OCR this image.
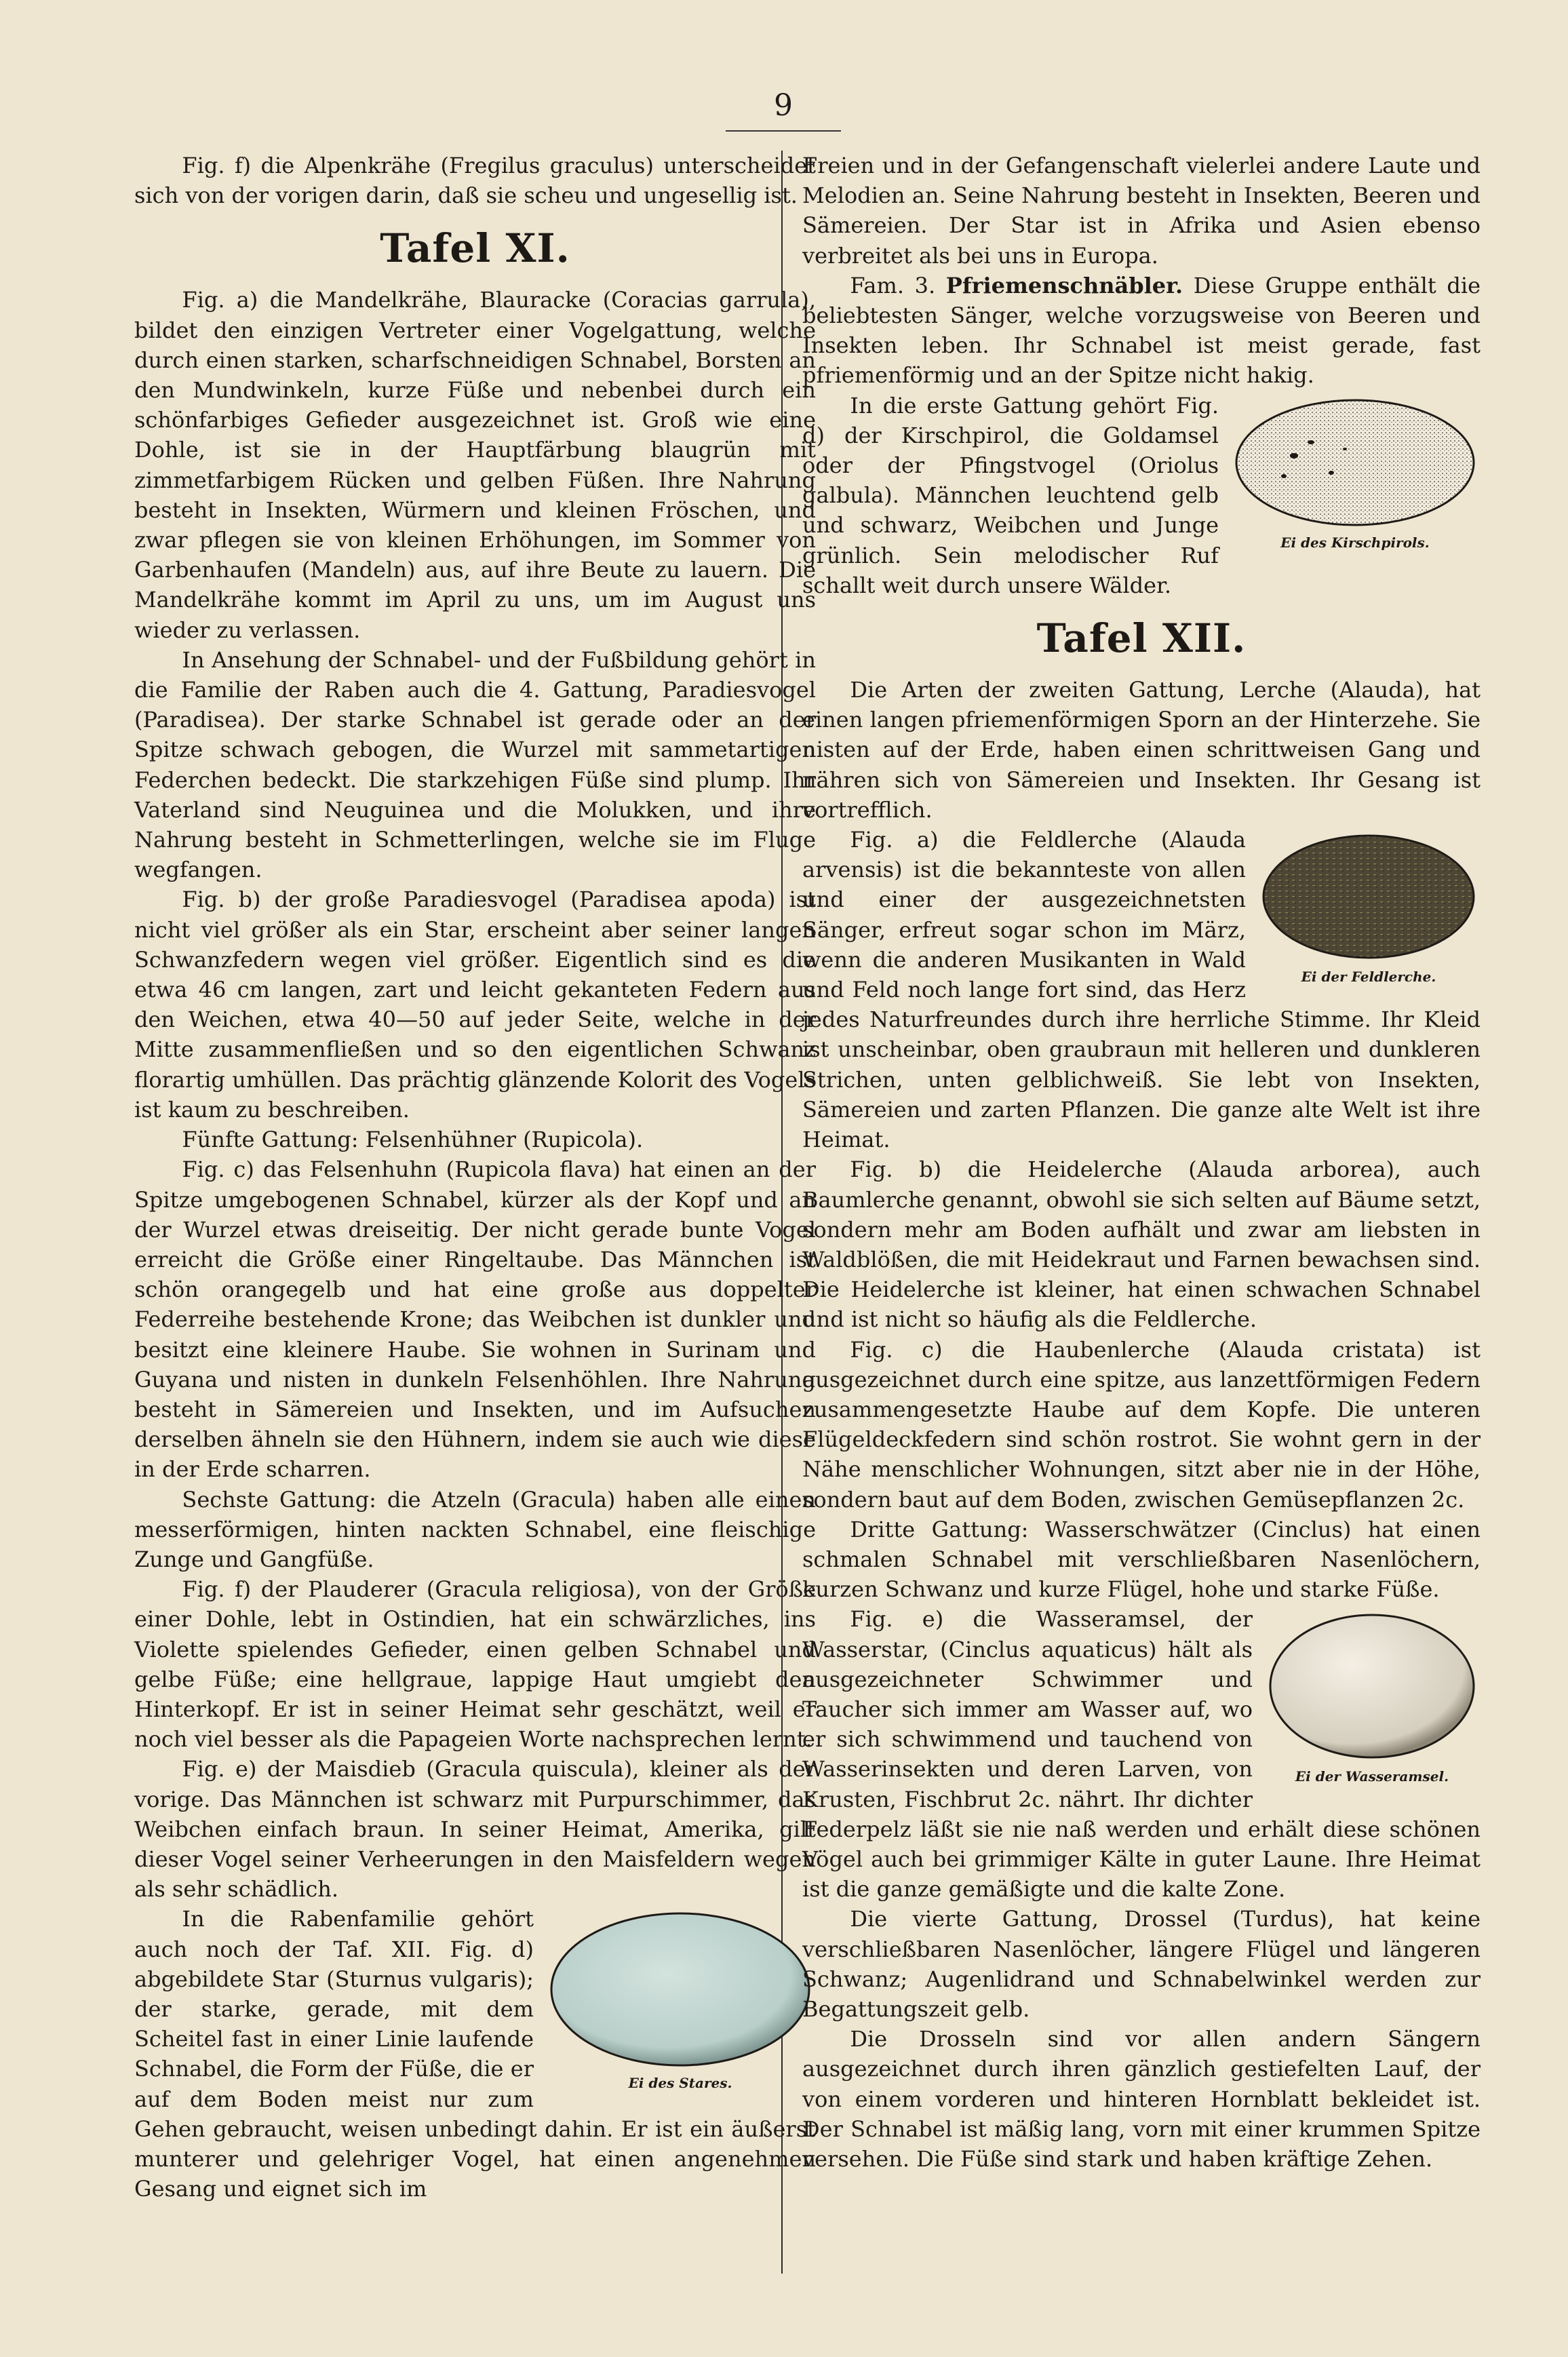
9

Fig. f) die Alpenkrähe (Fregilus graculus) unterscheidet sich von der vorigen darin, daß sie scheu und ungesellig ist.

Tafel XI.

Fig. a) die Mandelkrähe, Blauracke (Coracias garrula), bildet den einzigen Vertreter einer Vogelgattung, welche durch einen starken, scharfschneidigen Schnabel, Borsten an den Mundwinkeln, kurze Füße und nebenbei durch ein schönfarbiges Gefieder ausgezeichnet ist. Groß wie eine Dohle, ist sie in der Hauptfärbung blaugrün mit zimmetfarbigem Rücken und gelben Füßen. Ihre Nahrung besteht in Insekten, Würmern und kleinen Fröschen, und zwar pflegen sie von kleinen Erhöhungen, im Sommer von Garbenhaufen (Mandeln) aus, auf ihre Beute zu lauern. Die Mandelkrähe kommt im April zu uns, um im August uns wieder zu verlassen.

In Ansehung der Schnabel- und der Fußbildung gehört in die Familie der Raben auch die 4. Gattung, Paradiesvogel (Paradisea). Der starke Schnabel ist gerade oder an der Spitze schwach gebogen, die Wurzel mit sammetartigen Federchen bedeckt. Die starkzehigen Füße sind plump. Ihr Vaterland sind Neuguinea und die Molukken, und ihre Nahrung besteht in Schmetterlingen, welche sie im Fluge wegfangen.

Fig. b) der große Paradiesvogel (Paradisea apoda) ist nicht viel größer als ein Star, erscheint aber seiner langen Schwanzfedern wegen viel größer. Eigentlich sind es die etwa 46 cm langen, zart und leicht gekanteten Federn aus den Weichen, etwa 40—50 auf jeder Seite, welche in der Mitte zusammenfließen und so den eigentlichen Schwanz florartig umhüllen. Das prächtig glänzende Kolorit des Vogels ist kaum zu beschreiben.

Fünfte Gattung: Felsenhühner (Rupicola).

Fig. c) das Felsenhuhn (Rupicola flava) hat einen an der Spitze umgebogenen Schnabel, kürzer als der Kopf und an der Wurzel etwas dreiseitig. Der nicht gerade bunte Vogel erreicht die Größe einer Ringeltaube. Das Männchen ist schön orangegelb und hat eine große aus doppelter Federreihe bestehende Krone; das Weibchen ist dunkler und besitzt eine kleinere Haube. Sie wohnen in Surinam und Guyana und nisten in dunkeln Felsenhöhlen. Ihre Nahrung besteht in Sämereien und Insekten, und im Aufsuchen derselben ähneln sie den Hühnern, indem sie auch wie diese in der Erde scharren.

Sechste Gattung: die Atzeln (Gracula) haben alle einen messerförmigen, hinten nackten Schnabel, eine fleischige Zunge und Gangfüße.

Fig. f) der Plauderer (Gracula religiosa), von der Größe einer Dohle, lebt in Ostindien, hat ein schwärzliches, ins Violette spielendes Gefieder, einen gelben Schnabel und gelbe Füße; eine hellgraue, lappige Haut umgiebt den Hinterkopf. Er ist in seiner Heimat sehr geschätzt, weil er noch viel besser als die Papageien Worte nachsprechen lernt.

Fig. e) der Maisdieb (Gracula quiscula), kleiner als der vorige. Das Männchen ist schwarz mit Purpurschimmer, das Weibchen einfach braun. In seiner Heimat, Amerika, gilt dieser Vogel seiner Verheerungen in den Maisfeldern wegen als sehr schädlich.

Ei des Stares.

In die Rabenfamilie gehört auch noch der Taf. XII. Fig. d) abgebildete Star (Sturnus vulgaris); der starke, gerade, mit dem Scheitel fast in einer Linie laufende Schnabel, die Form der Füße, die er auf dem Boden meist nur zum Gehen gebraucht, weisen unbedingt dahin. Er ist ein äußerst munterer und gelehriger Vogel, hat einen angenehmen Gesang und eignet sich im

Freien und in der Gefangenschaft vielerlei andere Laute und Melodien an. Seine Nahrung besteht in Insekten, Beeren und Sämereien. Der Star ist in Afrika und Asien ebenso verbreitet als bei uns in Europa.

Fam. 3. Pfriemenschnäbler. Diese Gruppe enthält die beliebtesten Sänger, welche vorzugsweise von Beeren und Insekten leben. Ihr Schnabel ist meist gerade, fast pfriemenförmig und an der Spitze nicht hakig.

Ei des Kirschpirols.

In die erste Gattung gehört Fig. d) der Kirschpirol, die Goldamsel oder der Pfingstvogel (Oriolus galbula). Männchen leuchtend gelb und schwarz, Weibchen und Junge grünlich. Sein melodischer Ruf schallt weit durch unsere Wälder.

Tafel XII.

Die Arten der zweiten Gattung, Lerche (Alauda), hat einen langen pfriemenförmigen Sporn an der Hinterzehe. Sie nisten auf der Erde, haben einen schrittweisen Gang und nähren sich von Sämereien und Insekten. Ihr Gesang ist vortrefflich.

Ei der Feldlerche.

Fig. a) die Feldlerche (Alauda arvensis) ist die bekannteste von allen und einer der ausgezeichnetsten Sänger, erfreut sogar schon im März, wenn die anderen Musikanten in Wald und Feld noch lange fort sind, das Herz jedes Naturfreundes durch ihre herrliche Stimme. Ihr Kleid ist unscheinbar, oben graubraun mit helleren und dunkleren Strichen, unten gelblichweiß. Sie lebt von Insekten, Sämereien und zarten Pflanzen. Die ganze alte Welt ist ihre Heimat.

Fig. b) die Heidelerche (Alauda arborea), auch Baumlerche genannt, obwohl sie sich selten auf Bäume setzt, sondern mehr am Boden aufhält und zwar am liebsten in Waldblößen, die mit Heidekraut und Farnen bewachsen sind. Die Heidelerche ist kleiner, hat einen schwachen Schnabel und ist nicht so häufig als die Feldlerche.

Fig. c) die Haubenlerche (Alauda cristata) ist ausgezeichnet durch eine spitze, aus lanzettförmigen Federn zusammengesetzte Haube auf dem Kopfe. Die unteren Flügeldeckfedern sind schön rostrot. Sie wohnt gern in der Nähe menschlicher Wohnungen, sitzt aber nie in der Höhe, sondern baut auf dem Boden, zwischen Gemüsepflanzen 2c.

Dritte Gattung: Wasserschwätzer (Cinclus) hat einen schmalen Schnabel mit verschließbaren Nasenlöchern, kurzen Schwanz und kurze Flügel, hohe und starke Füße.

Ei der Wasseramsel.

Fig. e) die Wasseramsel, der Wasserstar, (Cinclus aquaticus) hält als ausgezeichneter Schwimmer und Taucher sich immer am Wasser auf, wo er sich schwimmend und tauchend von Wasserinsekten und deren Larven, von Krusten, Fischbrut 2c. nährt. Ihr dichter Federpelz läßt sie nie naß werden und erhält diese schönen Vögel auch bei grimmiger Kälte in guter Laune. Ihre Heimat ist die ganze gemäßigte und die kalte Zone.

Die vierte Gattung, Drossel (Turdus), hat keine verschließbaren Nasenlöcher, längere Flügel und längeren Schwanz; Augenlidrand und Schnabelwinkel werden zur Begattungszeit gelb.

Die Drosseln sind vor allen andern Sängern ausgezeichnet durch ihren gänzlich gestiefelten Lauf, der von einem vorderen und hinteren Hornblatt bekleidet ist. Der Schnabel ist mäßig lang, vorn mit einer krummen Spitze versehen. Die Füße sind stark und haben kräftige Zehen.
